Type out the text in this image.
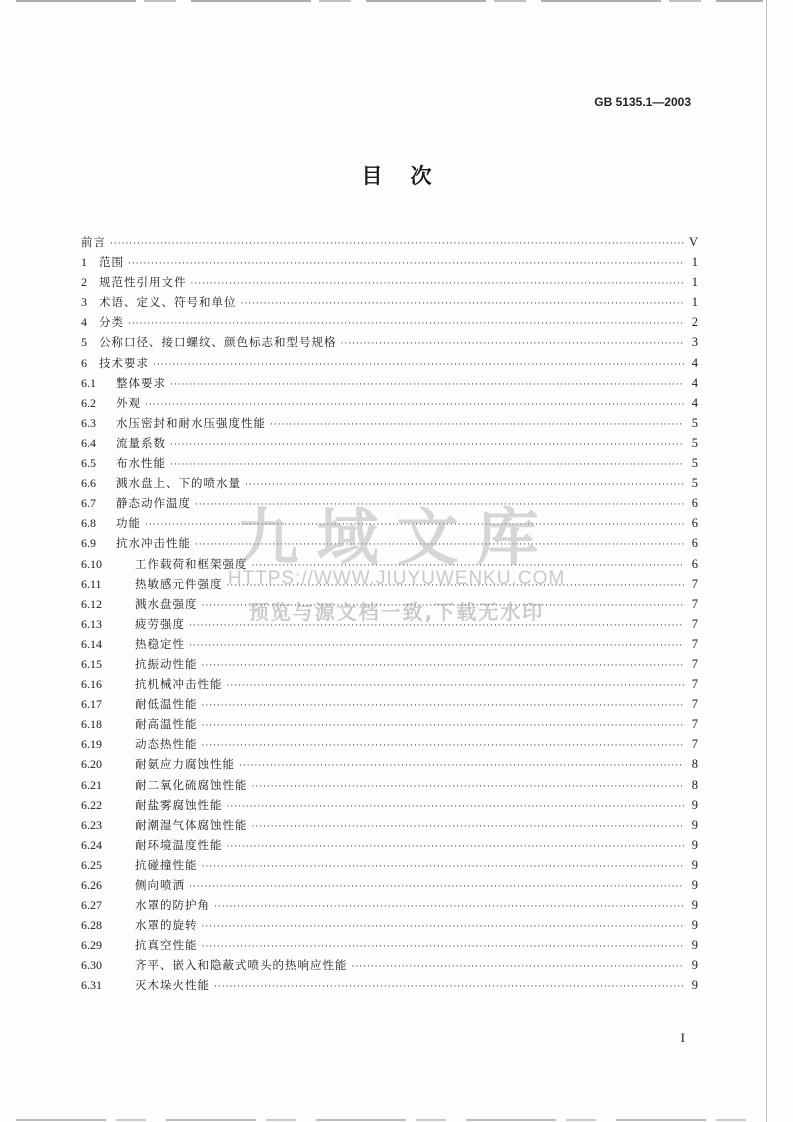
GB 5135.1—2003
目次
前言 ·····	V
1	范围 ·····	1
2	规范性引用文件 ·····	1
3	术语、定义、符号和单位 ·····	1
4	分类 ·····	2
5	公称口径、接口螺纹、颜色标志和型号规格 ·····	3
6	技术要求 ·····	4
6.1	整体要求 ·····	4
6.2	外观 ·····	4
6.3	水压密封和耐水压强度性能 ·····	5
6.4	流量系数 ·····	5
6.5	布水性能 ·····	5
6.6	溅水盘上、下的喷水量 ·····	5
6.7	静态动作温度 ·····	6
6.8	功能 ·····	6
6.9	抗水冲击性能 ·····	6
6.10	工作载荷和框架强度 ·····	6
6.11	热敏感元件强度 ·····	7
6.12	溅水盘强度 ·····	7
6.13	疲劳强度 ·····	7
6.14	热稳定性 ·····	7
6.15	抗振动性能 ·····	7
6.16	抗机械冲击性能 ·····	7
6.17	耐低温性能 ·····	7
6.18	耐高温性能 ·····	7
6.19	动态热性能 ·····	7
6.20	耐氨应力腐蚀性能 ·····	8
6.21	耐二氧化硫腐蚀性能 ·····	8
6.22	耐盐雾腐蚀性能 ·····	9
6.23	耐潮湿气体腐蚀性能 ·····	9
6.24	耐环境温度性能 ·····	9
6.25	抗碰撞性能 ·····	9
6.26	侧向喷洒 ·····	9
6.27	水罩的防护角 ·····	9
6.28	水罩的旋转 ·····	9
6.29	抗真空性能 ·····	9
6.30	齐平、嵌入和隐蔽式喷头的热响应性能 ·····	9
6.31	灭木垛火性能 ·····	9
九域文库
HTTPS://WWW.JIUYUWENKU.COM
预览与源文档一致,下载无水印
I
